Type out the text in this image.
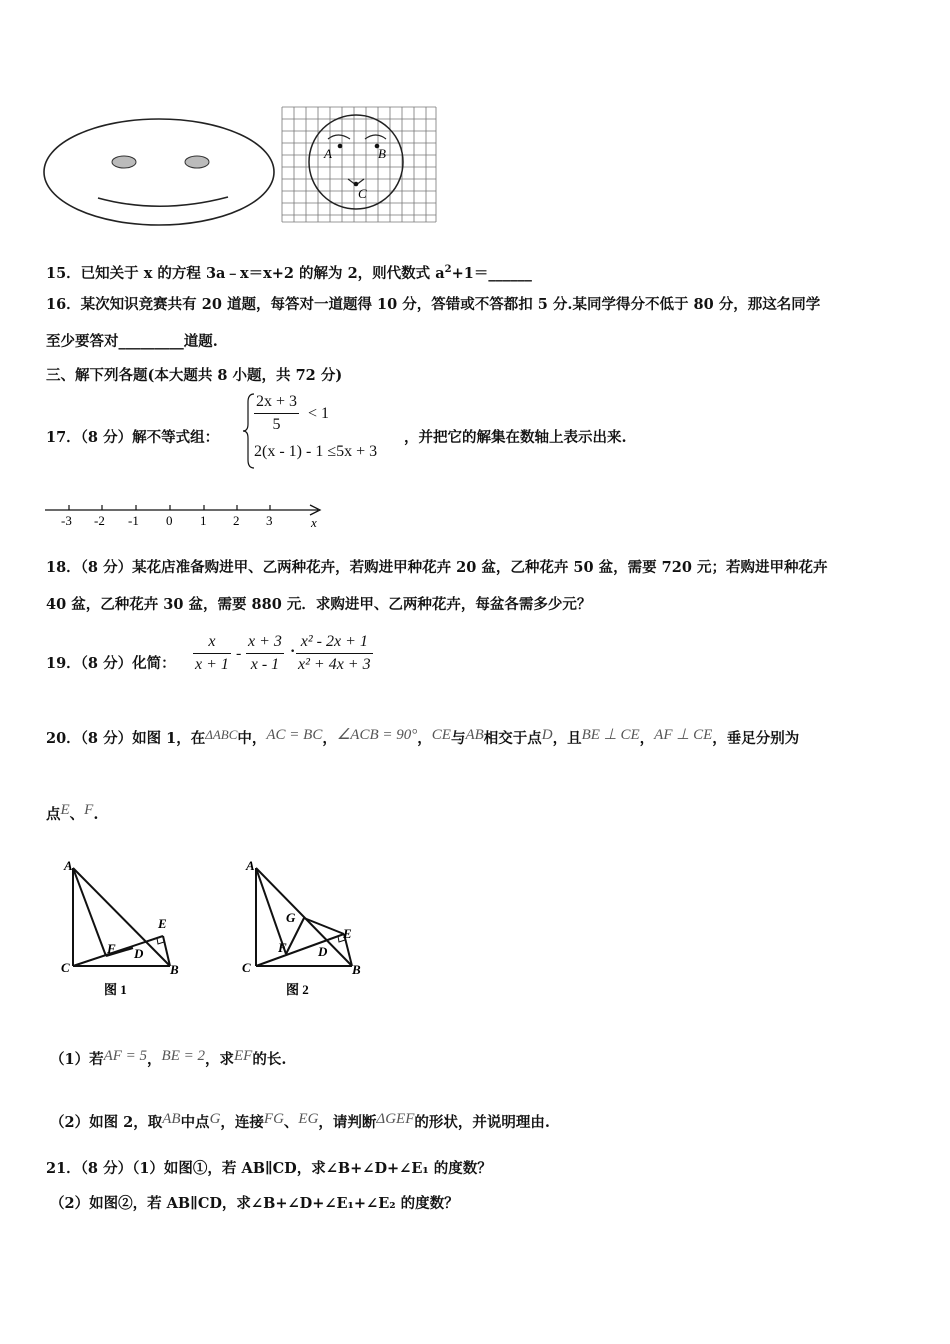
A	B
C
15．已知关于 x 的方程 3a﹣x＝x+2 的解为 2，则代数式 $a^2+1=\_\_\_\_\_\_$
16．某次知识竞赛共有 20 道题，每答对一道题得 10 分，答错或不答都扣 5 分.某同学得分不低于 80 分，那这名同学
至少要答对_________道题.
三、解下列各题(本大题共 8 小题，共 72 分)
17．（8 分）解不等式组：
$\frac{2x + 3}{5} < 1$
2(x - 1) - 1 ≤5x + 3
，并把它的解集在数轴上表示出来.
-3 -2 -1 0 1 2 3	x
18．（8 分）某花店准备购进甲、乙两种花卉，若购进甲种花卉 20 盆，乙种花卉 50 盆，需要 720 元；若购进甲种花卉
40 盆，乙种花卉 30 盆，需要 880 元．求购进甲、乙两种花卉，每盆各需多少元？
19．（8 分）化简： $\frac{x}{x + 1} - \frac{x + 3}{x - 1} \cdot \frac{\text{x² - 2x + 1}}{\text{x² + 4x + 3}}$
20．（8 分）如图 1，在ΔABC中，AC = BC，∠ACB = 90°，CE与AB相交于点D，且BE ⊥ CE，AF ⊥ CE，垂足分别为
点E、F.
A
C	B
E
F D
图 1
A
C	B
E
F D
G
图 2
（1）若AF = 5，BE = 2，求EF的长.
（2）如图 2，取AB中点G，连接FG、EG，请判断ΔGEF的形状，并说明理由.
21．（8 分）（1）如图①，若 AB∥CD，求∠B+∠D+∠E₁ 的度数？
（2）如图②，若 AB∥CD，求∠B+∠D+∠E₁+∠E₂ 的度数？
